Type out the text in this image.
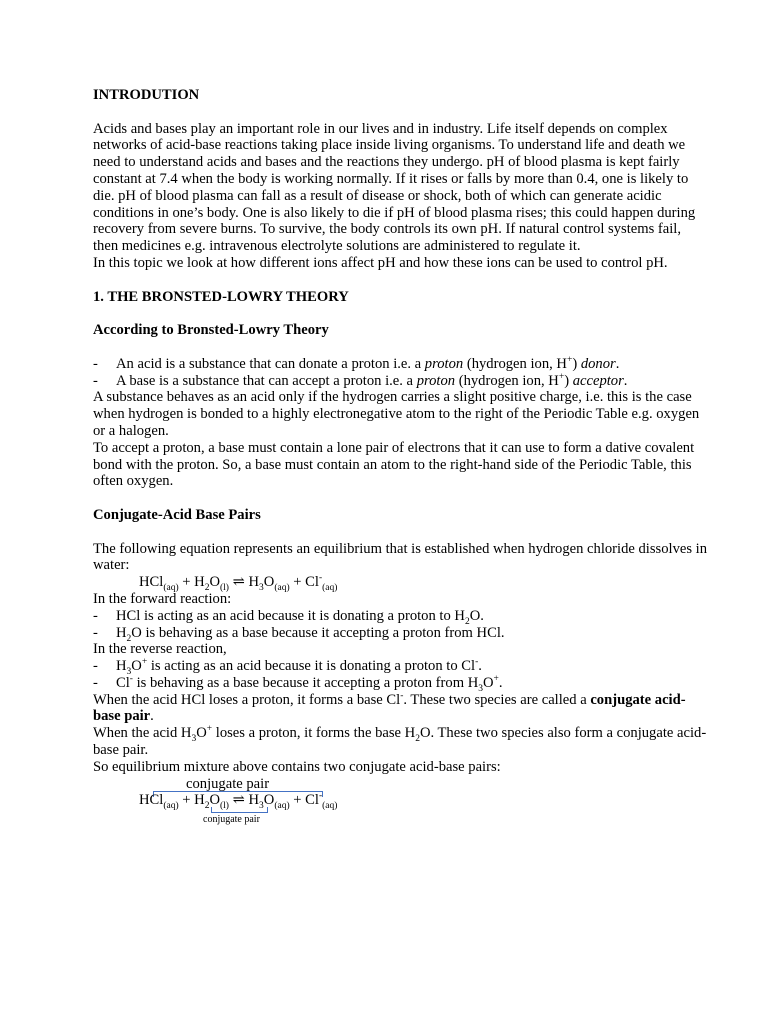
INTRODUTION

Acids and bases play an important role in our lives and in industry. Life itself depends on complex networks of acid-base reactions taking place inside living organisms. To understand life and death we need to understand acids and bases and the reactions they undergo. pH of blood plasma is kept fairly constant at 7.4 when the body is working normally. If it rises or falls by more than 0.4, one is likely to die. pH of blood plasma can fall as a result of disease or shock, both of which can generate acidic conditions in one’s body. One is also likely to die if pH of blood plasma rises; this could happen during recovery from severe burns. To survive, the body controls its own pH. If natural control systems fail, then medicines e.g. intravenous electrolyte solutions are administered to regulate it.

In this topic we look at how different ions affect pH and how these ions can be used to control pH.

1. THE BRONSTED-LOWRY THEORY

According to Bronsted-Lowry Theory

-	An acid is a substance that can donate a proton i.e. a proton (hydrogen ion, H+) donor.
-	A base is a substance that can accept a proton i.e. a proton (hydrogen ion, H+) acceptor.

A substance behaves as an acid only if the hydrogen carries a slight positive charge, i.e. this is the case when hydrogen is bonded to a highly electronegative atom to the right of the Periodic Table e.g. oxygen or a halogen.

To accept a proton, a base must contain a lone pair of electrons that it can use to form a dative covalent bond with the proton. So, a base must contain an atom to the right-hand side of the Periodic Table, this often oxygen.

Conjugate-Acid Base Pairs

The following equation represents an equilibrium that is established when hydrogen chloride dissolves in water:

$HCl_{(aq)} + H_2O_{(l)}$ ⇌ $H_3O_{(aq)} + Cl^-_{(aq)}$

In the forward reaction:

-	HCl is acting as an acid because it is donating a proton to $H_2O$.
-	$H_2O$ is behaving as a base because it accepting a proton from HCl.

In the reverse reaction,

-	$H_3O^+$ is acting as an acid because it is donating a proton to Cl-.
-	Cl- is behaving as a base because it accepting a proton from $H_3O^+$.

When the acid HCl loses a proton, it forms a base Cl-. These two species are called a conjugate acid-base pair.

When the acid $H_3O^+$ loses a proton, it forms the base $H_2O$. These two species also form a conjugate acid-base pair.

So equilibrium mixture above contains two conjugate acid-base pairs:

conjugate pair

$HCl_{(aq)} + H_2O_{(l)}$ ⇌ $H_3O_{(aq)} + Cl^-_{(aq)}$

conjugate pair
